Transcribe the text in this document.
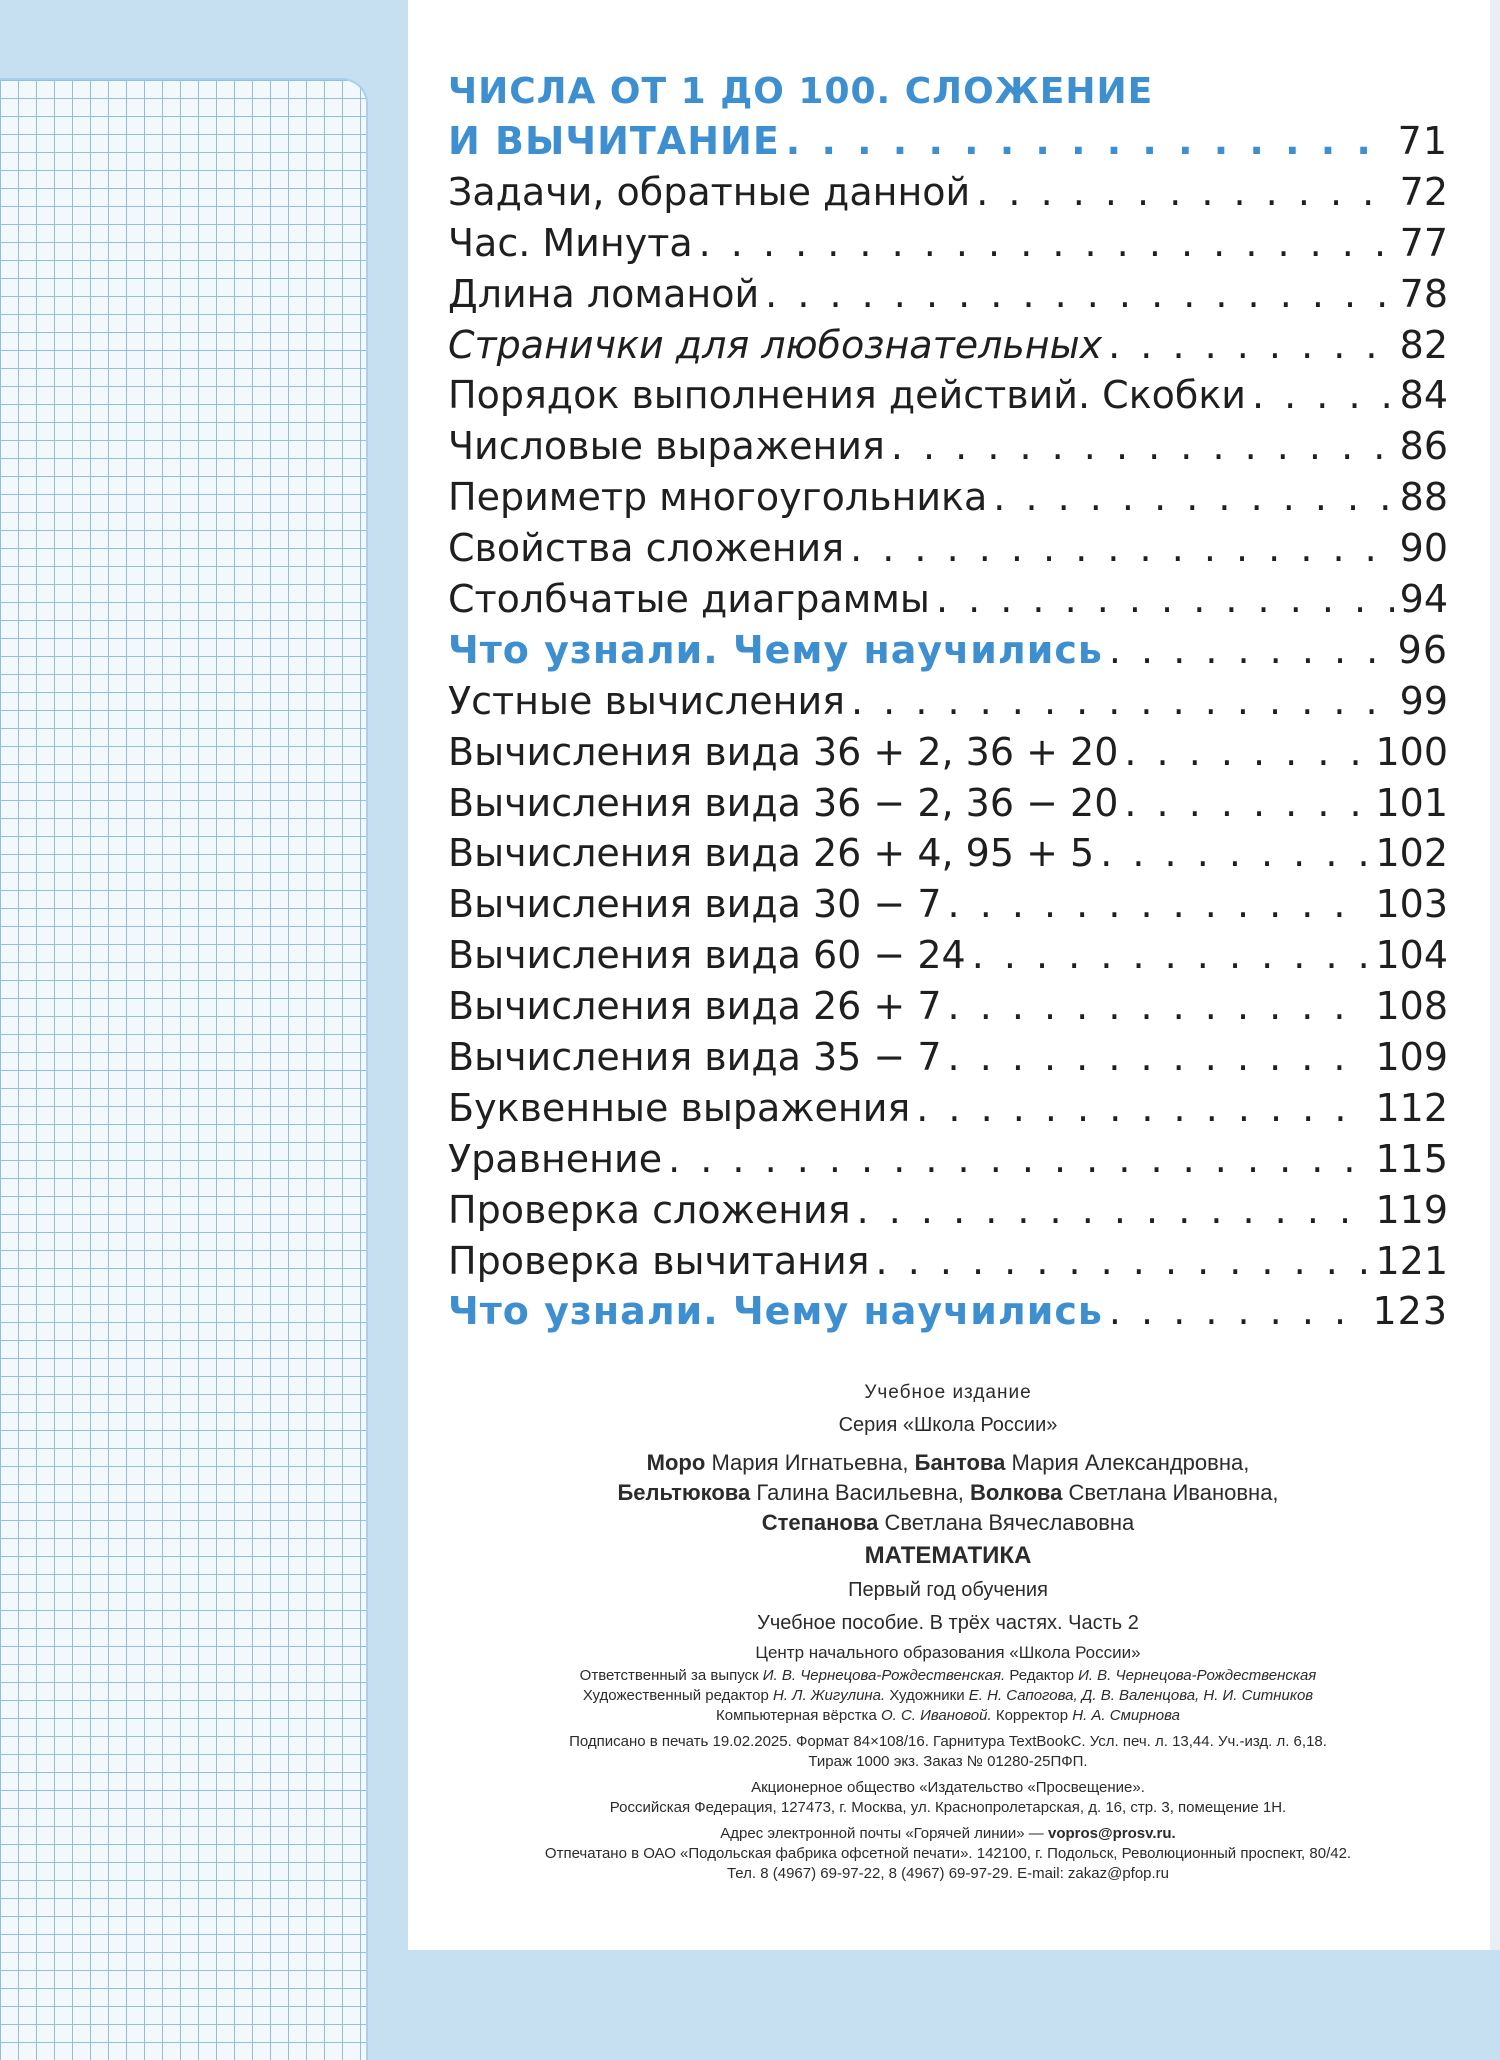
ЧИСЛА ОТ 1 ДО 100. СЛОЖЕНИЕ
И ВЫЧИТАНИЕ . . .	71
Задачи, обратные данной . . .	72
Час. Минута . . .	77
Длина ломаной . . .	78
Странички для любознательных . . .	82
Порядок выполнения действий. Скобки . . .	84
Числовые выражения . . .	86
Периметр многоугольника . . .	88
Свойства сложения . . .	90
Столбчатые диаграммы . . .	94
Что узнали. Чему научились . . .	96
Устные вычисления . . .	99
Вычисления вида 36 + 2, 36 + 20 . . .	100
Вычисления вида 36 − 2, 36 − 20 . . .	101
Вычисления вида 26 + 4, 95 + 5 . . .	102
Вычисления вида 30 − 7 . . .	103
Вычисления вида 60 − 24 . . .	104
Вычисления вида 26 + 7 . . .	108
Вычисления вида 35 − 7 . . .	109
Буквенные выражения . . .	112
Уравнение . . .	115
Проверка сложения . . .	119
Проверка вычитания . . .	121
Что узнали. Чему научились . . .	123
Учебное издание
Серия «Школа России»
Моро Мария Игнатьевна, Бантова Мария Александровна,
Бельтюкова Галина Васильевна, Волкова Светлана Ивановна,
Степанова Светлана Вячеславовна
МАТЕМАТИКА
Первый год обучения
Учебное пособие. В трёх частях. Часть 2
Центр начального образования «Школа России»
Ответственный за выпуск И. В. Чернецова-Рождественская. Редактор И. В. Чернецова-Рождественская
Художественный редактор Н. Л. Жигулина. Художники Е. Н. Сапогова, Д. В. Валенцова, Н. И. Ситников
Компьютерная вёрстка О. С. Ивановой. Корректор Н. А. Смирнова
Подписано в печать 19.02.2025. Формат 84×108/16. Гарнитура TextBookC. Усл. печ. л. 13,44. Уч.-изд. л. 6,18.
Тираж 1000 экз. Заказ № 01280-25ПФП.
Акционерное общество «Издательство «Просвещение».
Российская Федерация, 127473, г. Москва, ул. Краснопролетарская, д. 16, стр. 3, помещение 1Н.
Адрес электронной почты «Горячей линии» — vopros@prosv.ru.
Отпечатано в ОАО «Подольская фабрика офсетной печати». 142100, г. Подольск, Революционный проспект, 80/42.
Тел. 8 (4967) 69-97-22, 8 (4967) 69-97-29. E-mail: zakaz@pfop.ru
